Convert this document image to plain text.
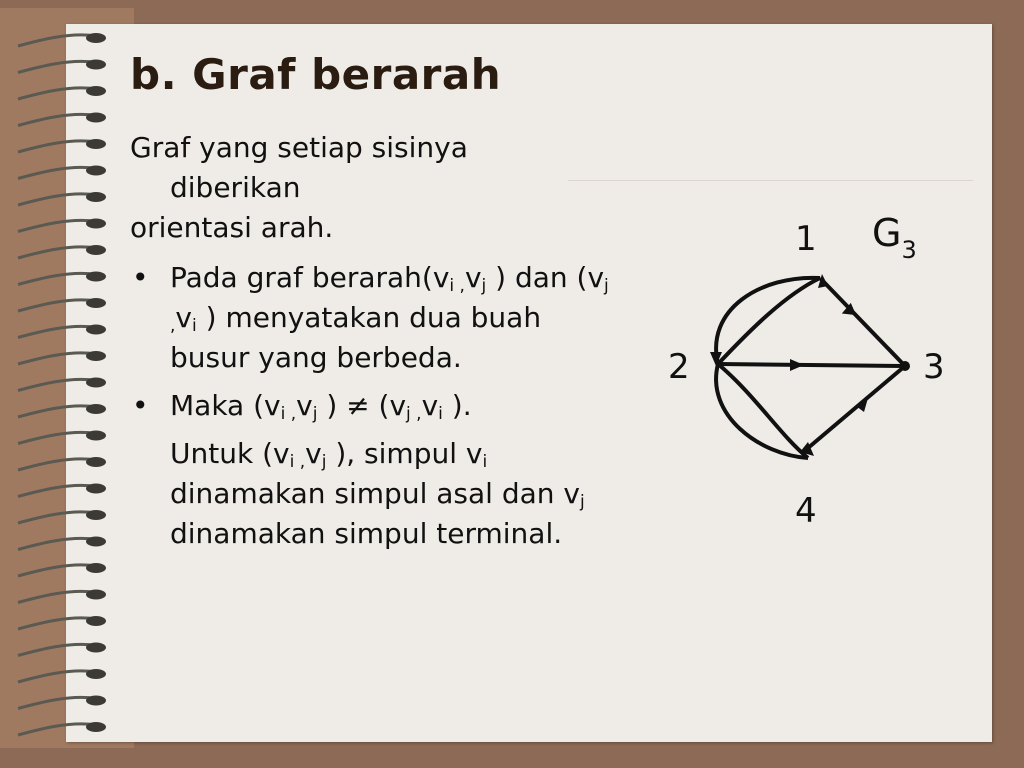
b. Graf berarah

Graf yang setiap sisinya
diberikan

orientasi arah.

• Pada graf $berarah(v_{i ,}v_j$ ) dan ($v_{j ,}v_i$ ) menyatakan dua buah busur yang berbeda.
• Maka ($v_{i ,}v_j$ ) ≠ ($v_{j ,}v_i$ ).

Untuk ($v_{i ,}v_j$ ), simpul $v_i$ dinamakan simpul asal dan $v_j$ dinamakan simpul terminal.

1
2	3
4
$G_3$
